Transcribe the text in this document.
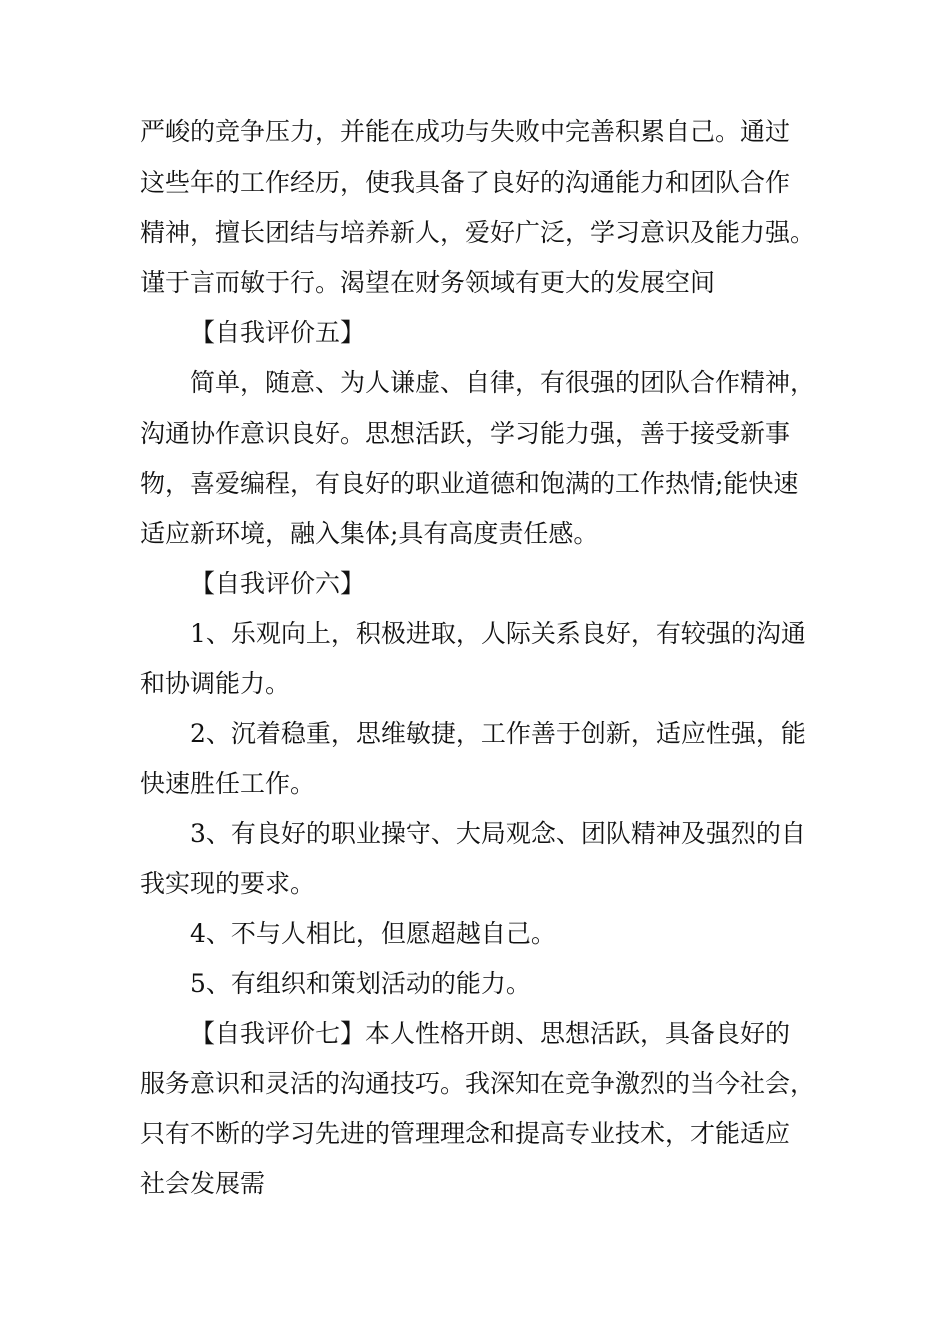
严峻的竞争压力，并能在成功与失败中完善积累自己。通过
这些年的工作经历，使我具备了良好的沟通能力和团队合作
精神，擅长团结与培养新人，爱好广泛，学习意识及能力强。
谨于言而敏于行。渴望在财务领域有更大的发展空间
【自我评价五】
简单，随意、为人谦虚、自律，有很强的团队合作精神，
沟通协作意识良好。思想活跃，学习能力强，善于接受新事
物，喜爱编程，有良好的职业道德和饱满的工作热情;能快速
适应新环境，融入集体;具有高度责任感。
【自我评价六】
1、乐观向上，积极进取，人际关系良好，有较强的沟通
和协调能力。
2、沉着稳重，思维敏捷，工作善于创新，适应性强，能
快速胜任工作。
3、有良好的职业操守、大局观念、团队精神及强烈的自
我实现的要求。
4、不与人相比，但愿超越自己。
5、有组织和策划活动的能力。
【自我评价七】本人性格开朗、思想活跃，具备良好的
服务意识和灵活的沟通技巧。我深知在竞争激烈的当今社会，
只有不断的学习先进的管理理念和提高专业技术，才能适应
社会发展需
